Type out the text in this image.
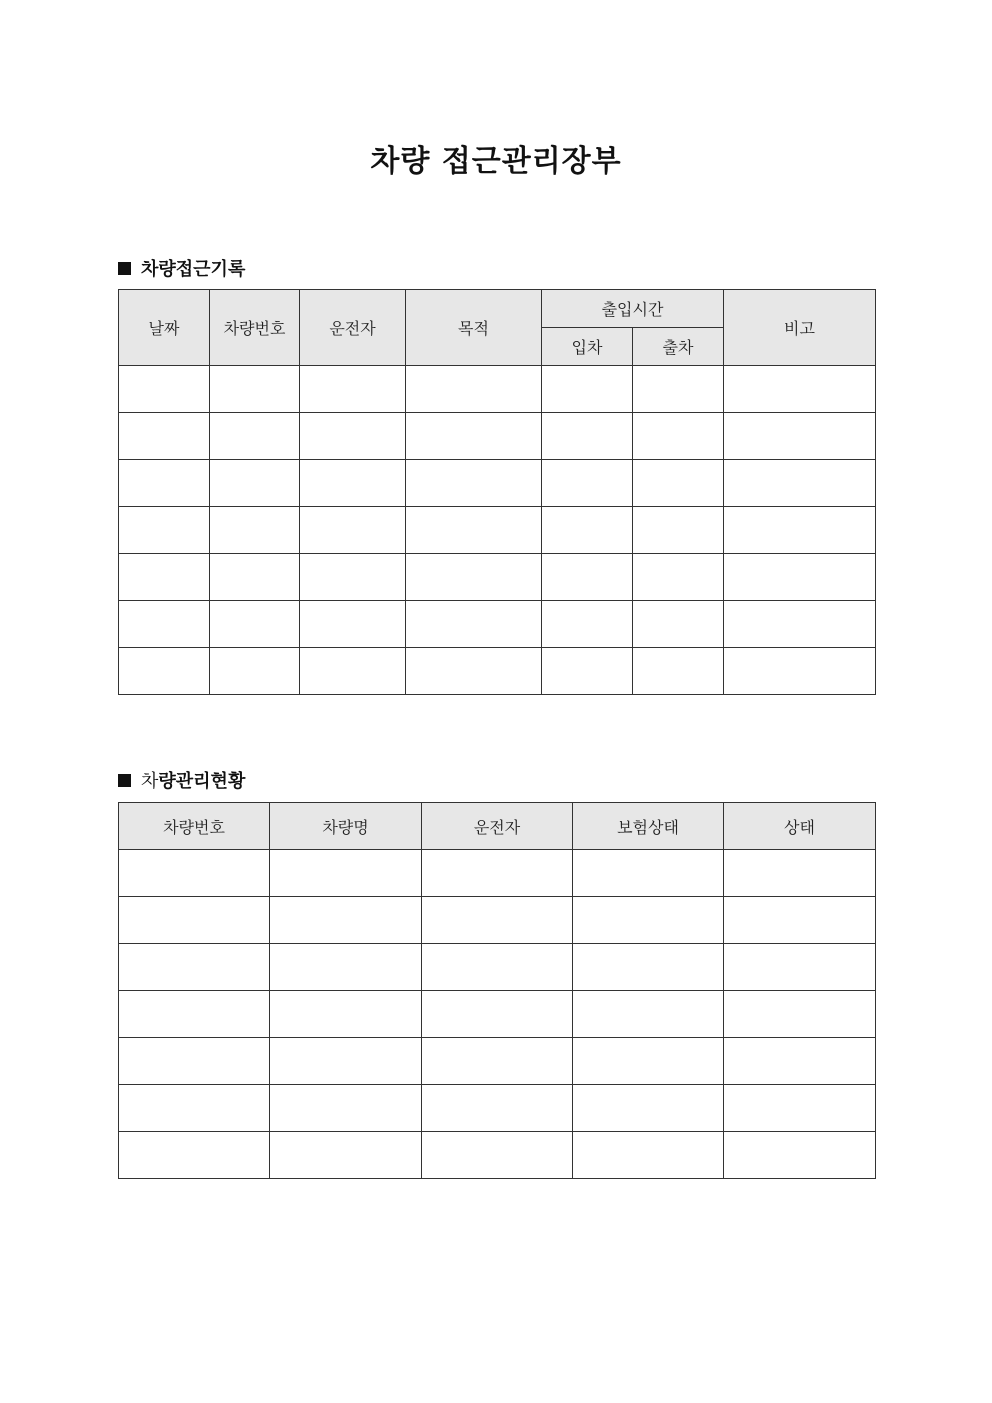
차량 접근관리장부
차량접근기록
날짜	차량번호	운전자	목적	출입시간		비고
				입차	출차	

차량관리현황
차량번호	차량명	운전자	보험상태	상태
